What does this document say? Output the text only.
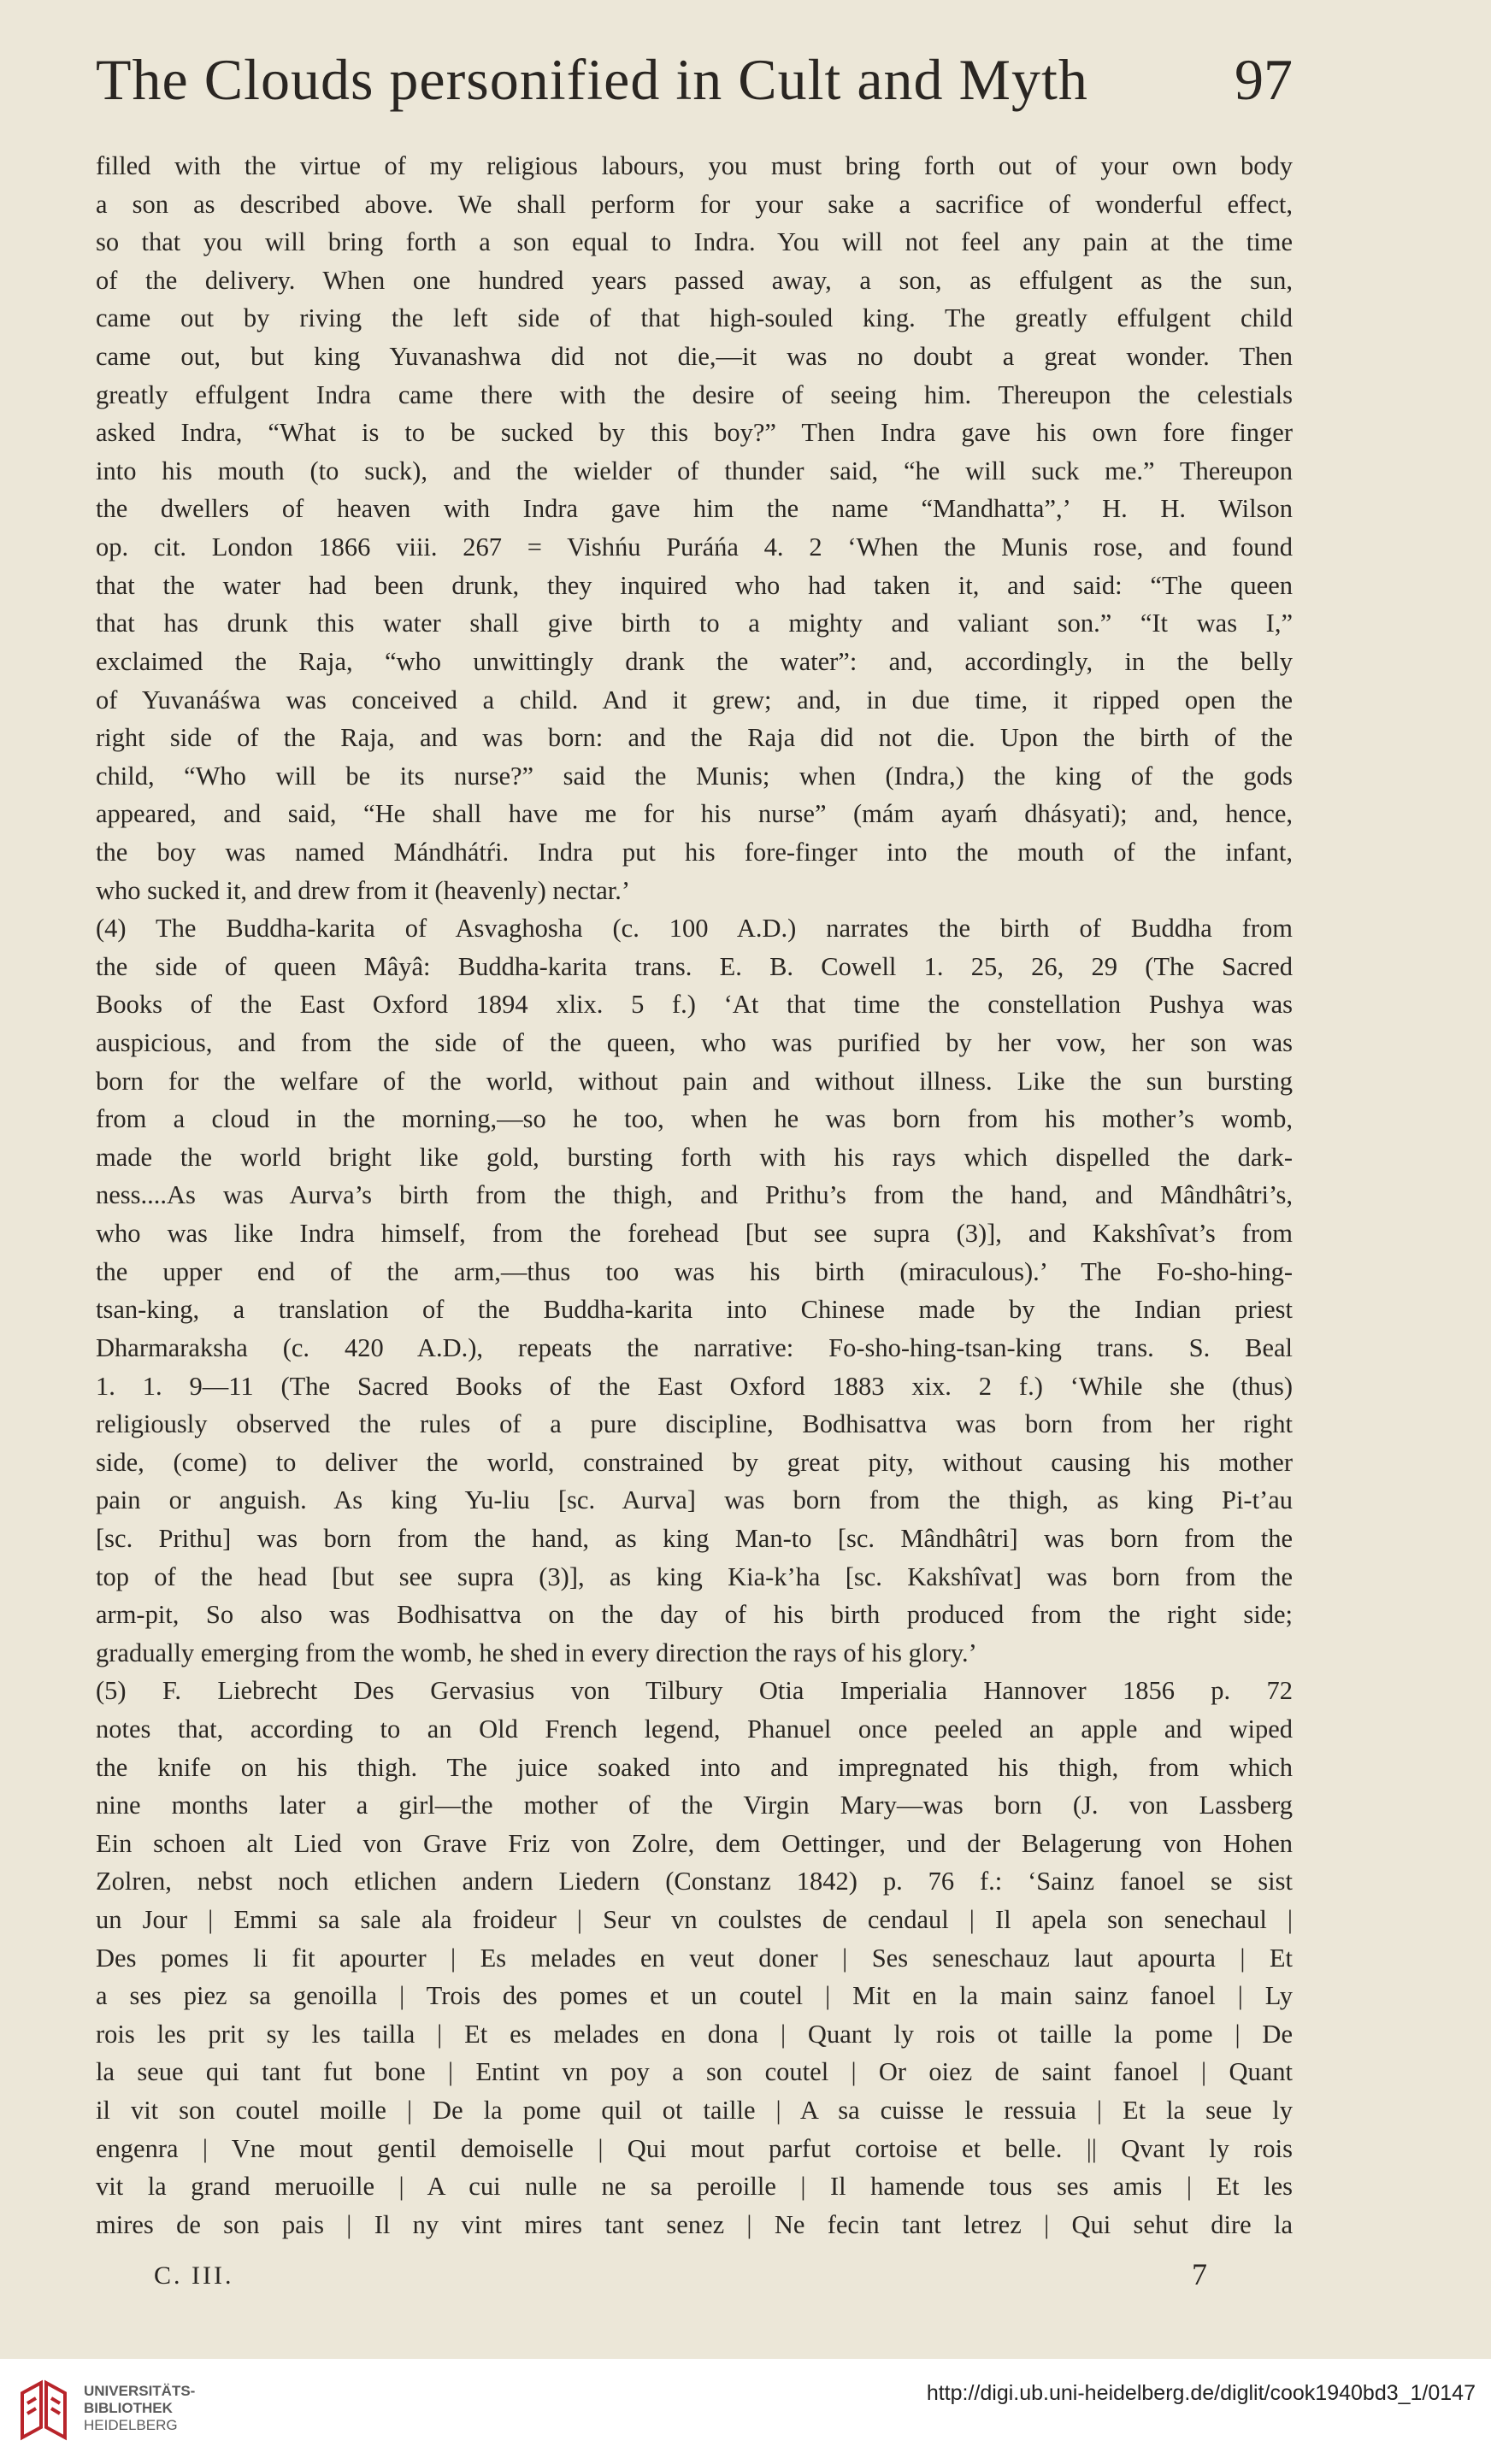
The Clouds personified in Cult and Myth	97
filled with the virtue of my religious labours, you must bring forth out of your own body
a son as described above. We shall perform for your sake a sacrifice of wonderful effect,
so that you will bring forth a son equal to Indra. You will not feel any pain at the time
of the delivery. When one hundred years passed away, a son, as effulgent as the sun,
came out by riving the left side of that high-souled king. The greatly effulgent child
came out, but king Yuvanashwa did not die,—it was no doubt a great wonder. Then
greatly effulgent Indra came there with the desire of seeing him. Thereupon the celestials
asked Indra, “What is to be sucked by this boy?” Then Indra gave his own fore finger
into his mouth (to suck), and the wielder of thunder said, “he will suck me.” Thereupon
the dwellers of heaven with Indra gave him the name “Mandhatta”,’ H. H. Wilson
op. cit. London 1866 viii. 267 = Vishńu Puráńa 4. 2 ‘When the Munis rose, and found
that the water had been drunk, they inquired who had taken it, and said: “The queen
that has drunk this water shall give birth to a mighty and valiant son.” “It was I,”
exclaimed the Raja, “who unwittingly drank the water”: and, accordingly, in the belly
of Yuvanáśwa was conceived a child. And it grew; and, in due time, it ripped open the
right side of the Raja, and was born: and the Raja did not die. Upon the birth of the
child, “Who will be its nurse?” said the Munis; when (Indra,) the king of the gods
appeared, and said, “He shall have me for his nurse” (mám ayaḿ dhásyati); and, hence,
the boy was named Mándhátŕi. Indra put his fore-finger into the mouth of the infant,
who sucked it, and drew from it (heavenly) nectar.’
(4) The Buddha-karita of Asvaghosha (c. 100 A.D.) narrates the birth of Buddha from
the side of queen Mâyâ: Buddha-karita trans. E. B. Cowell 1. 25, 26, 29 (The Sacred
Books of the East Oxford 1894 xlix. 5 f.) ‘At that time the constellation Pushya was
auspicious, and from the side of the queen, who was purified by her vow, her son was
born for the welfare of the world, without pain and without illness. Like the sun bursting
from a cloud in the morning,—so he too, when he was born from his mother’s womb,
made the world bright like gold, bursting forth with his rays which dispelled the dark-
ness....As was Aurva’s birth from the thigh, and Prithu’s from the hand, and Mândhâtri’s,
who was like Indra himself, from the forehead [but see supra (3)], and Kakshîvat’s from
the upper end of the arm,—thus too was his birth (miraculous).’ The Fo-sho-hing-
tsan-king, a translation of the Buddha-karita into Chinese made by the Indian priest
Dharmaraksha (c. 420 A.D.), repeats the narrative: Fo-sho-hing-tsan-king trans. S. Beal
1. 1. 9—11 (The Sacred Books of the East Oxford 1883 xix. 2 f.) ‘While she (thus)
religiously observed the rules of a pure discipline, Bodhisattva was born from her right
side, (come) to deliver the world, constrained by great pity, without causing his mother
pain or anguish. As king Yu-liu [sc. Aurva] was born from the thigh, as king Pi-t’au
[sc. Prithu] was born from the hand, as king Man-to [sc. Mândhâtri] was born from the
top of the head [but see supra (3)], as king Kia-k’ha [sc. Kakshîvat] was born from the
arm-pit, So also was Bodhisattva on the day of his birth produced from the right side;
gradually emerging from the womb, he shed in every direction the rays of his glory.’
(5) F. Liebrecht Des Gervasius von Tilbury Otia Imperialia Hannover 1856 p. 72
notes that, according to an Old French legend, Phanuel once peeled an apple and wiped
the knife on his thigh. The juice soaked into and impregnated his thigh, from which
nine months later a girl—the mother of the Virgin Mary—was born (J. von Lassberg
Ein schoen alt Lied von Grave Friz von Zolre, dem Oettinger, und der Belagerung von Hohen
Zolren, nebst noch etlichen andern Liedern (Constanz 1842) p. 76 f.: ‘Sainz fanoel se sist
un Jour | Emmi sa sale ala froideur | Seur vn coulstes de cendaul | Il apela son senechaul |
Des pomes li fit apourter | Es melades en veut doner | Ses seneschauz laut apourta | Et
a ses piez sa genoilla | Trois des pomes et un coutel | Mit en la main sainz fanoel | Ly
rois les prit sy les tailla | Et es melades en dona | Quant ly rois ot taille la pome | De
la seue qui tant fut bone | Entint vn poy a son coutel | Or oiez de saint fanoel | Quant
il vit son coutel moille | De la pome quil ot taille | A sa cuisse le ressuia | Et la seue ly
engenra | Vne mout gentil demoiselle | Qui mout parfut cortoise et belle. || Qvant ly rois
vit la grand meruoille | A cui nulle ne sa peroille | Il hamende tous ses amis | Et les
mires de son pais | Il ny vint mires tant senez | Ne fecin tant letrez | Qui sehut dire la
C. III.	7
UNIVERSITÄTS-
BIBLIOTHEK
HEIDELBERG
http://digi.ub.uni-heidelberg.de/diglit/cook1940bd3_1/0147
